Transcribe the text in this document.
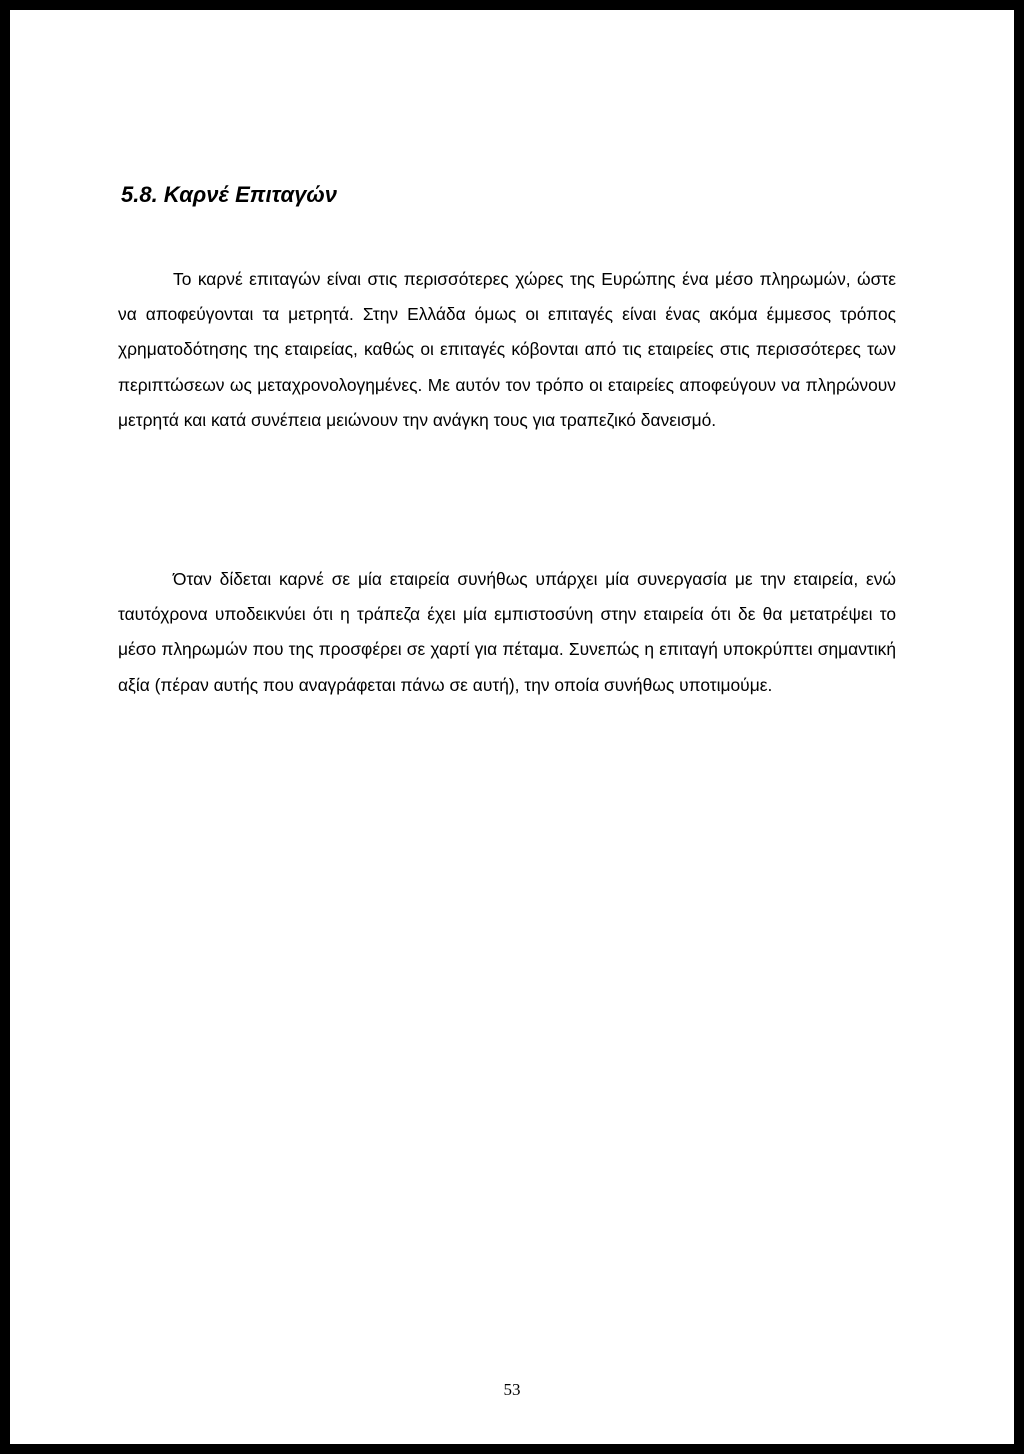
5.8. Καρνέ Επιταγών

Το καρνέ επιταγών είναι στις περισσότερες χώρες της Ευρώπης ένα μέσο πληρωμών, ώστε να αποφεύγονται τα μετρητά. Στην Ελλάδα όμως οι επιταγές είναι ένας ακόμα έμμεσος τρόπος χρηματοδότησης της εταιρείας, καθώς οι επιταγές κόβονται από τις εταιρείες στις περισσότερες των περιπτώσεων ως μεταχρονολογημένες. Με αυτόν τον τρόπο οι εταιρείες αποφεύγουν να πληρώνουν μετρητά και κατά συνέπεια μειώνουν την ανάγκη τους για τραπεζικό δανεισμό.

Όταν δίδεται καρνέ σε μία εταιρεία συνήθως υπάρχει μία συνεργασία με την εταιρεία, ενώ ταυτόχρονα υποδεικνύει ότι η τράπεζα έχει μία εμπιστοσύνη στην εταιρεία ότι δε θα μετατρέψει το μέσο πληρωμών που της προσφέρει σε χαρτί για πέταμα. Συνεπώς η επιταγή υποκρύπτει σημαντική αξία (πέραν αυτής που αναγράφεται πάνω σε αυτή), την οποία συνήθως υποτιμούμε.

53
